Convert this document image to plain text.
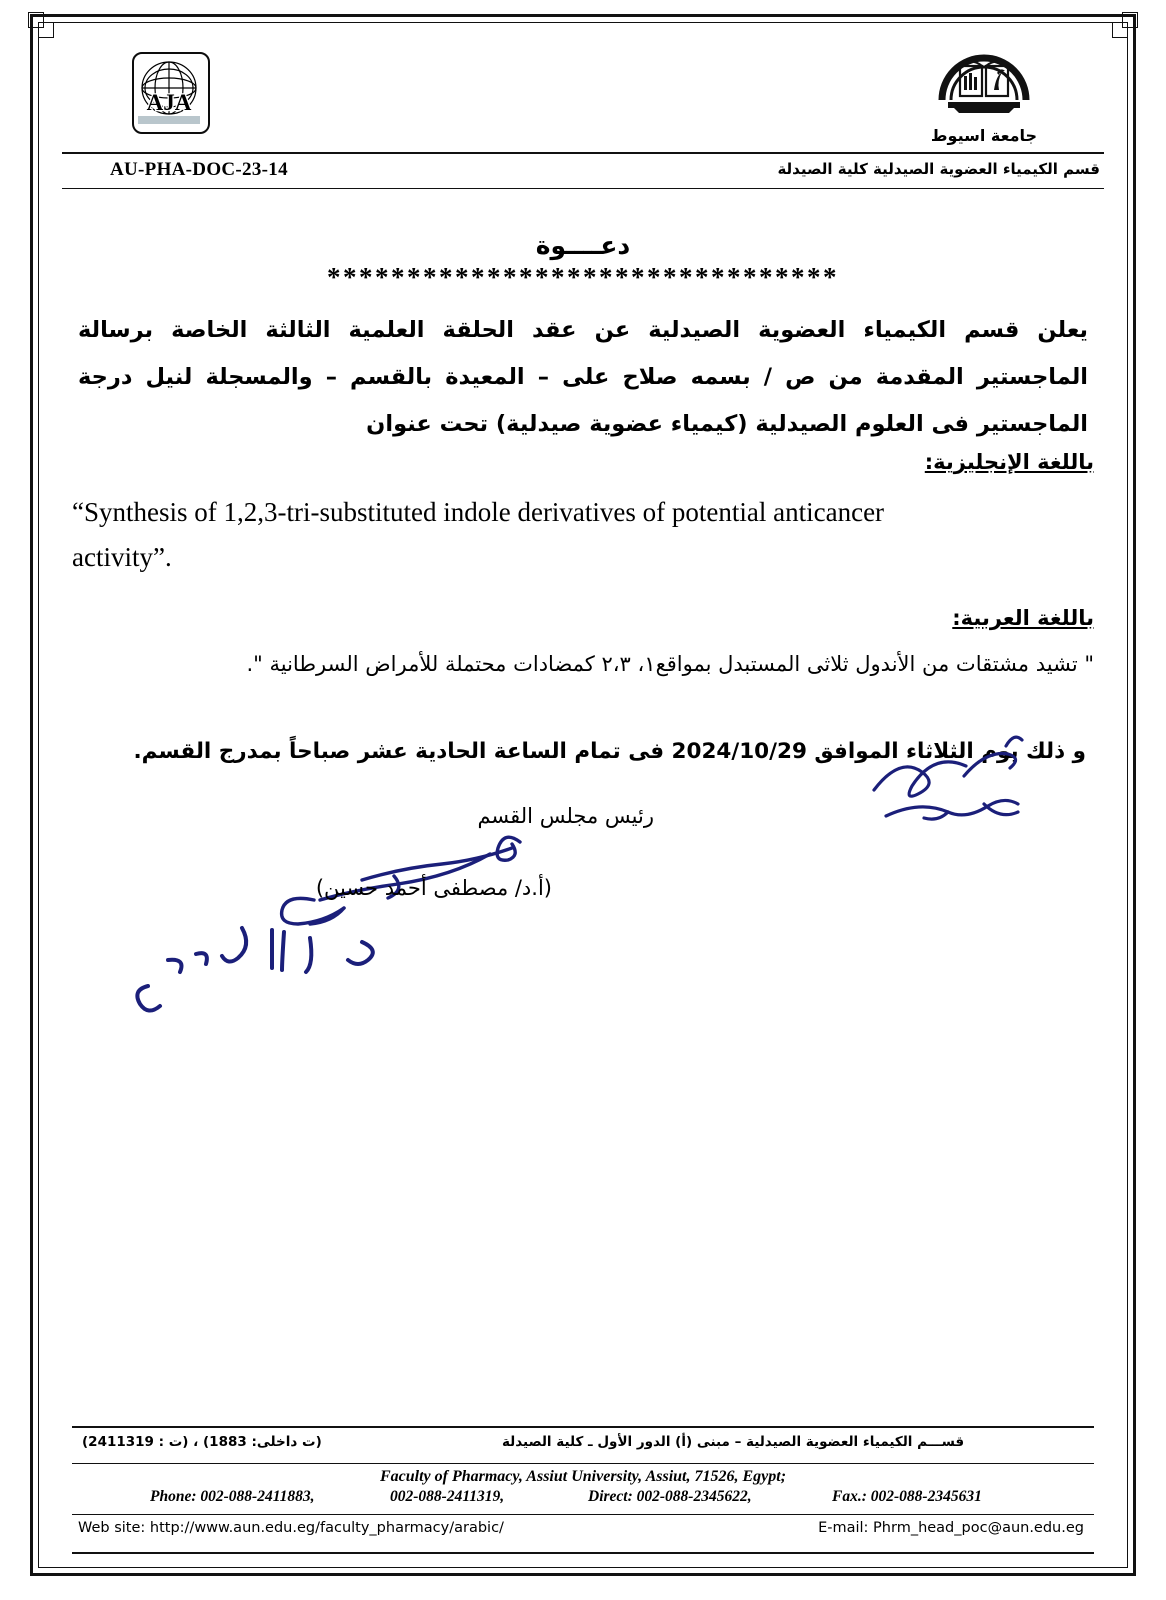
AJA
جامعة اسيوط
AU-PHA-DOC-23-14	قسم الكيمياء العضوية الصيدلية كلية الصيدلة
دعــــوة
********************************
يعلن قسم الكيمياء العضوية الصيدلية عن عقد الحلقة العلمية الثالثة الخاصة برسالة
الماجستير المقدمة من ص / بسمه صلاح على – المعيدة بالقسم – والمسجلة لنيل درجة
الماجستير فى العلوم الصيدلية (كيمياء عضوية صيدلية) تحت عنوان
باللغة الإنجليزية:
“Synthesis of 1,2,3-tri-substituted indole derivatives of potential anticancer activity”.
باللغة العربية:
" تشيد مشتقات من الأندول ثلاثى المستبدل بمواقع١، ٢،٣ كمضادات محتملة للأمراض السرطانية ".
و ذلك يوم الثلاثاء الموافق 2024/10/29 فى تمام الساعة الحادية عشر صباحاً بمدرج القسم.
رئيس مجلس القسم
(أ.د/ مصطفى أحمد حسين)
(ت داخلى: 1883) ، (ت : 2411319)	قســـم الكيمياء العضوية الصيدلية – مبنى (أ) الدور الأول ـ كلية الصيدلة
Faculty of Pharmacy, Assiut University, Assiut, 71526, Egypt;
Phone: 002-088-2411883,	002-088-2411319,	Direct: 002-088-2345622,	Fax.: 002-088-2345631
Web site: http://www.aun.edu.eg/faculty_pharmacy/arabic/	E-mail: Phrm_head_poc@aun.edu.eg
